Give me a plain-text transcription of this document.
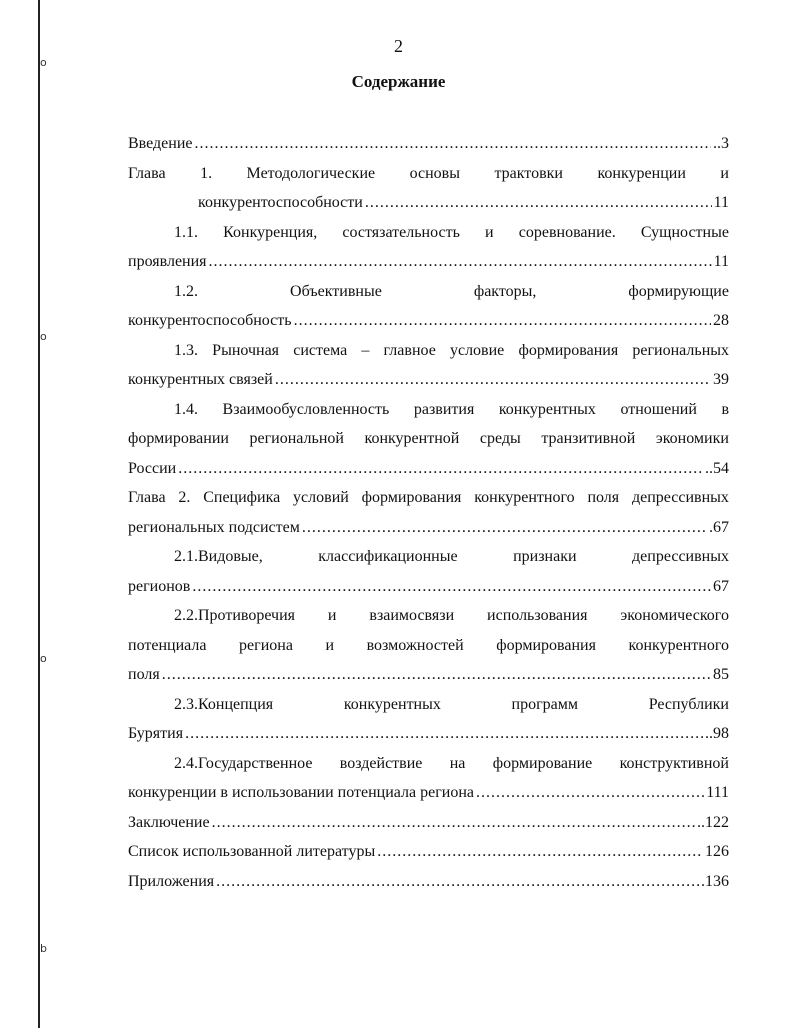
o
o
o
b
2
Содержание
Введение .....	..3
Глава 1. Методологические основы трактовки конкуренции и
конкурентоспособности .....	11
1.1. Конкуренция, состязательность и соревнование. Сущностные
проявления .....	11
1.2.	Объективные	факторы,	формирующие
конкурентоспособность .....	28
1.3. Рыночная система – главное условие формирования региональных
конкурентных связей .....	39
1.4. Взаимообусловленность развития конкурентных отношений в
формировании региональной конкурентной среды транзитивной экономики
России .....	..54
Глава 2. Специфика условий формирования конкурентного поля депрессивных
региональных подсистем .....	.67
2.1.Видовые,	классификационные	признаки	депрессивных
регионов .....	67
2.2.Противоречия и взаимосвязи использования экономического
потенциала региона и возможностей формирования конкурентного
поля .....	85
2.3.Концепция	конкурентных	программ	Республики
Бурятия .....	..98
2.4.Государственное воздействие на формирование конструктивной
конкуренции в использовании потенциала региона .....	111
Заключение .....	..122
Список использованной литературы .....	126
Приложения .....	.136
